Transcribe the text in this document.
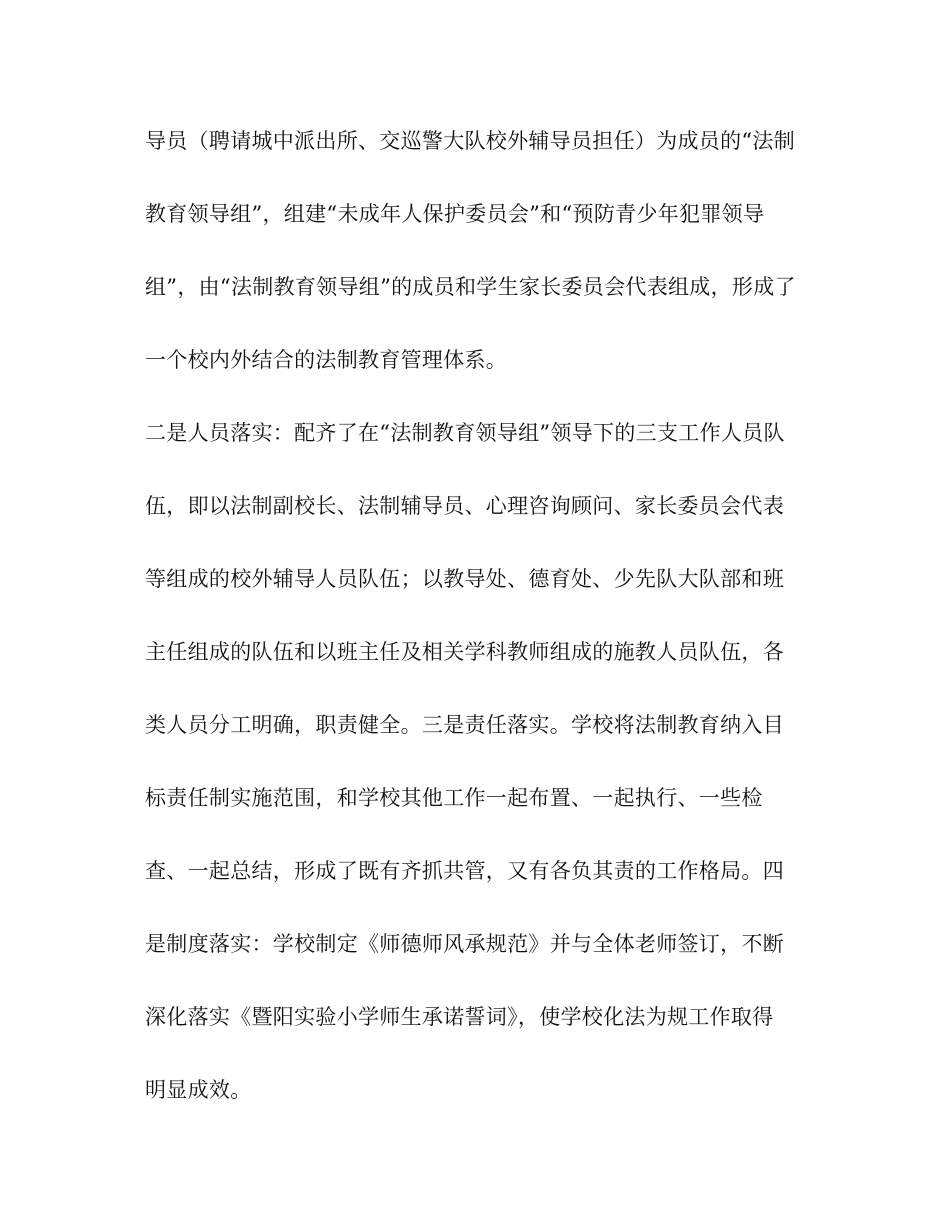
导员（聘请城中派出所、交巡警大队校外辅导员担任）为成员的“法制
教育领导组”，组建“未成年人保护委员会”和“预防青少年犯罪领导
组”，由“法制教育领导组”的成员和学生家长委员会代表组成，形成了
一个校内外结合的法制教育管理体系。
二是人员落实：配齐了在“法制教育领导组”领导下的三支工作人员队
伍，即以法制副校长、法制辅导员、心理咨询顾问、家长委员会代表
等组成的校外辅导人员队伍；以教导处、德育处、少先队大队部和班
主任组成的队伍和以班主任及相关学科教师组成的施教人员队伍，各
类人员分工明确，职责健全。三是责任落实。学校将法制教育纳入目
标责任制实施范围，和学校其他工作一起布置、一起执行、一些检
查、一起总结，形成了既有齐抓共管，又有各负其责的工作格局。四
是制度落实：学校制定《师德师风承规范》并与全体老师签订，不断
深化落实《暨阳实验小学师生承诺誓词》，使学校化法为规工作取得
明显成效。
